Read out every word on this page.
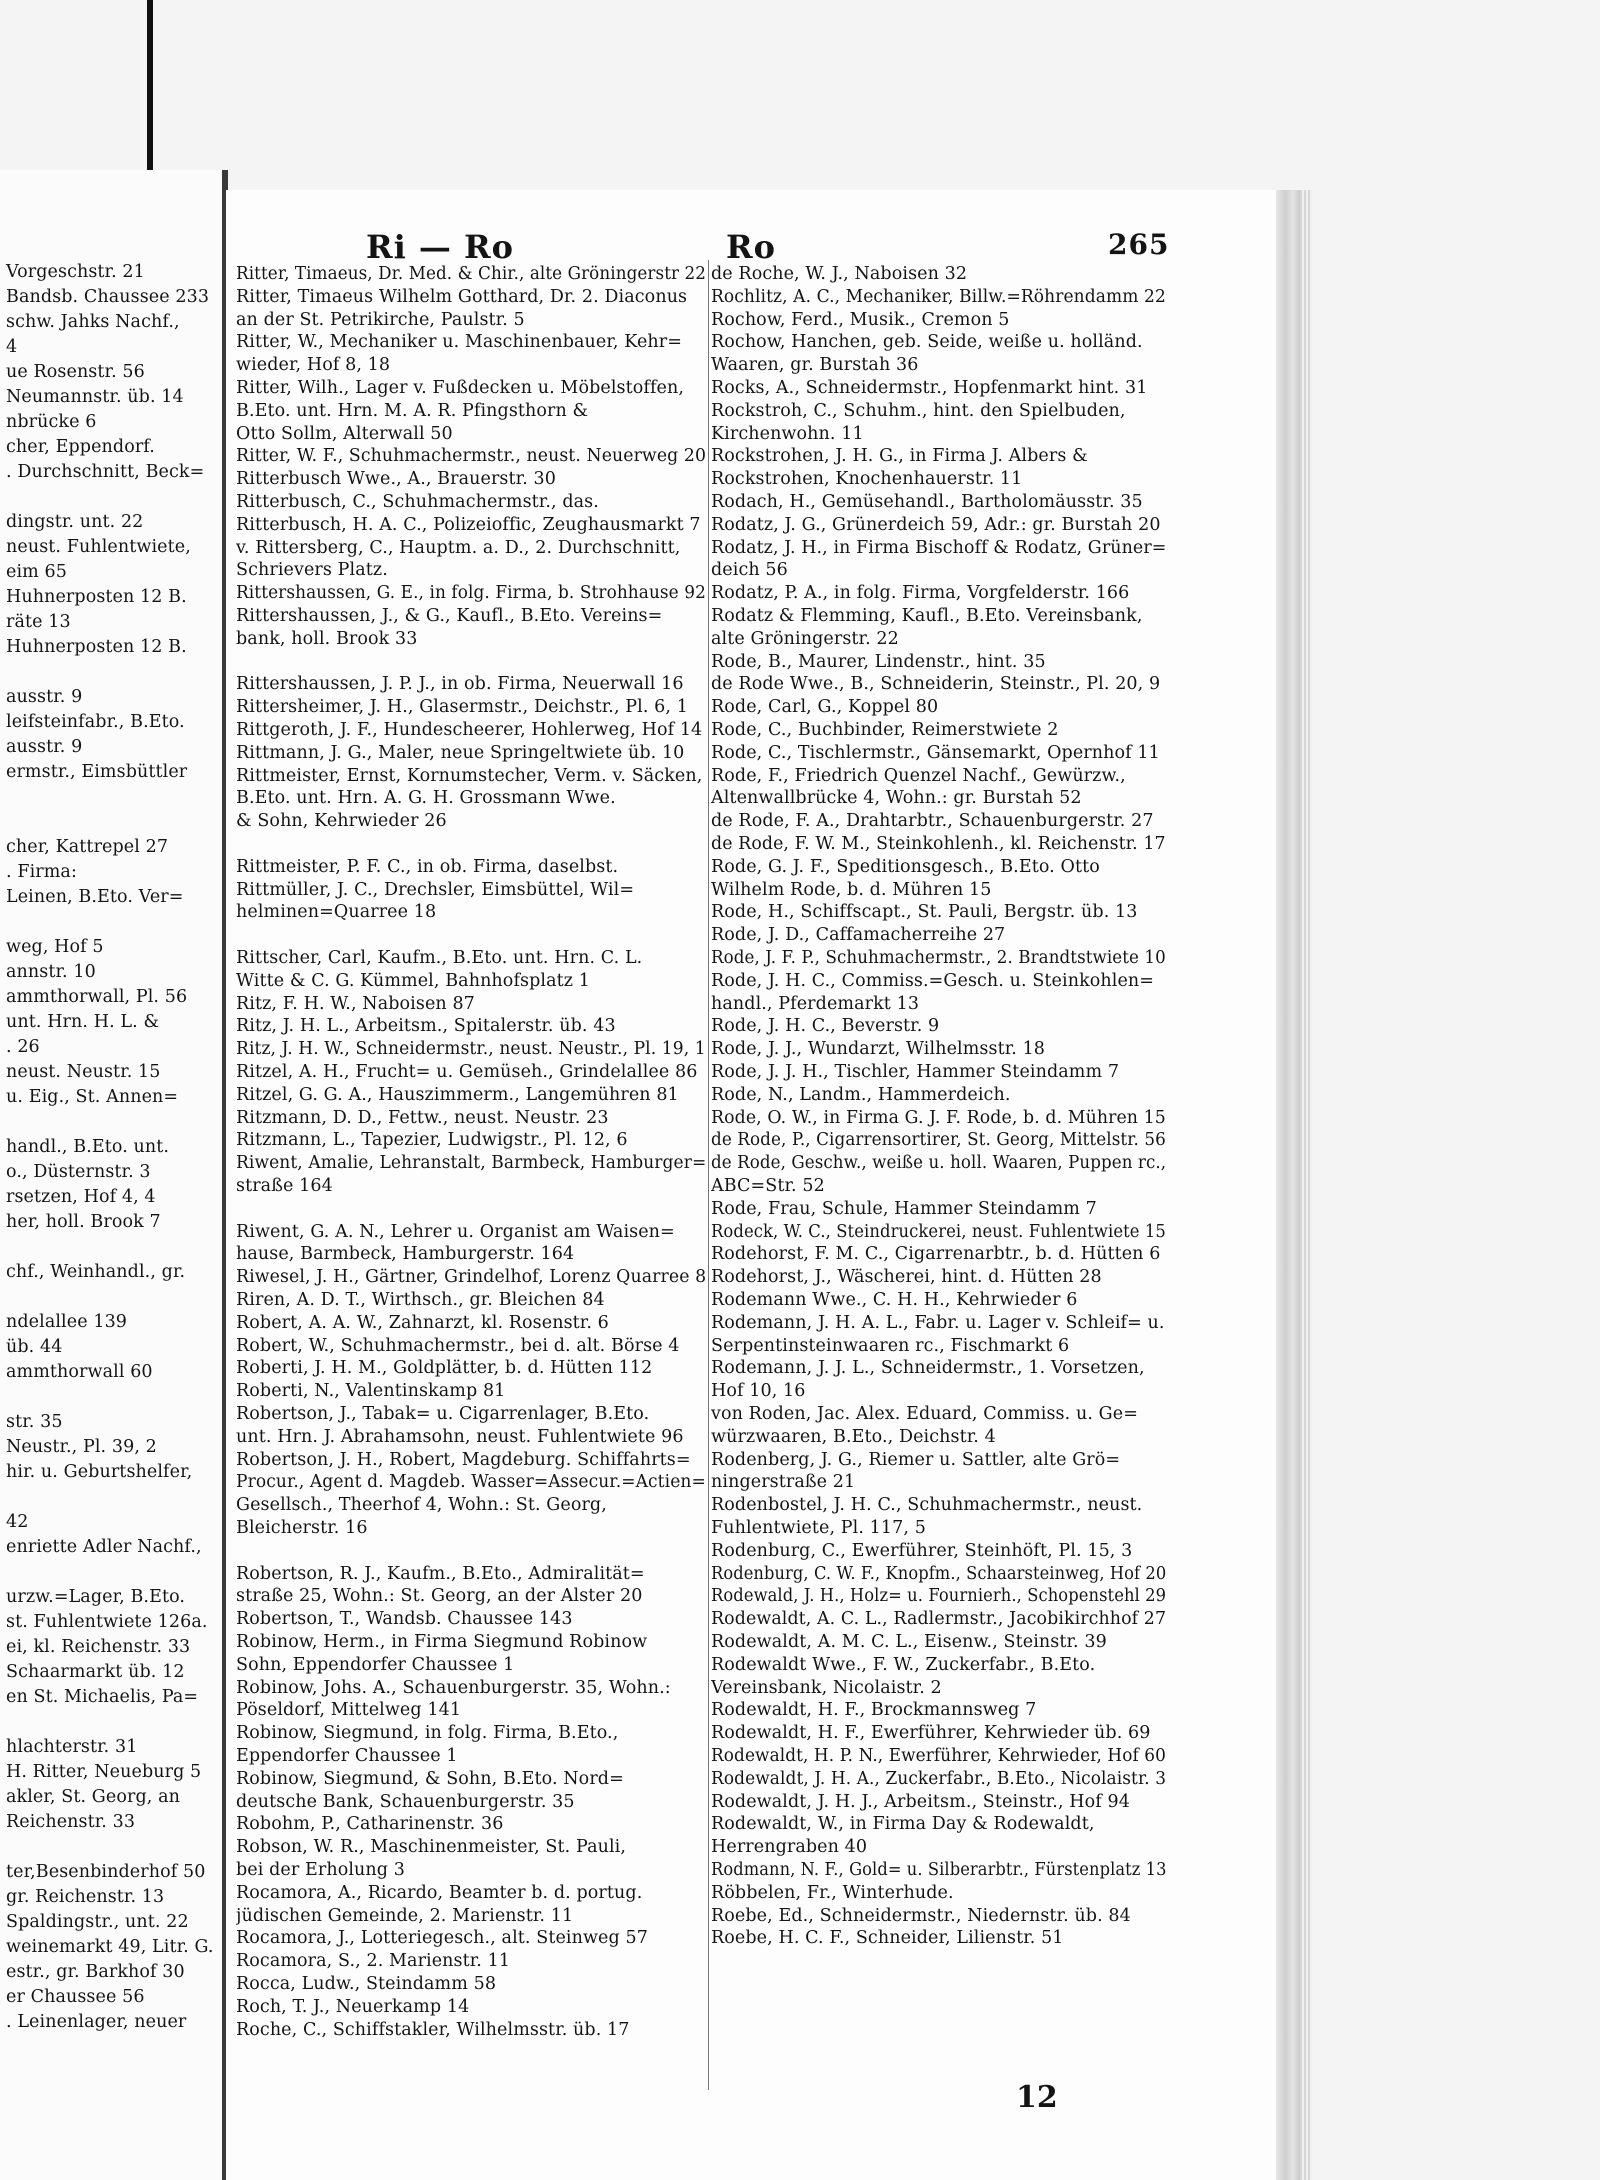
Vorgeschstr. 21
Bandsb. Chaussee 233
schw. Jahks Nachf.,
4
ue Rosenstr. 56
Neumannstr. üb. 14
nbrücke 6
cher, Eppendorf.
. Durchschnitt, Beck=
dingstr. unt. 22
neust. Fuhlentwiete,
eim 65
Huhnerposten 12 B.
räte 13
Huhnerposten 12 B.
ausstr. 9
leifsteinfabr., B.Eto.
ausstr. 9
ermstr., Eimsbüttler
cher, Kattrepel 27
. Firma:
Leinen, B.Eto. Ver=
weg, Hof 5
annstr. 10
ammthorwall, Pl. 56
unt. Hrn. H. L. &
. 26
neust. Neustr. 15
u. Eig., St. Annen=
handl., B.Eto. unt.
o., Düsternstr. 3
rsetzen, Hof 4, 4
her, holl. Brook 7
chf., Weinhandl., gr.
ndelallee 139
üb. 44
ammthorwall 60
str. 35
Neustr., Pl. 39, 2
hir. u. Geburtshelfer,
42
enriette Adler Nachf.,
urzw.=Lager, B.Eto.
st. Fuhlentwiete 126a.
ei, kl. Reichenstr. 33
Schaarmarkt üb. 12
en St. Michaelis, Pa=
hlachterstr. 31
H. Ritter, Neueburg 5
akler, St. Georg, an
Reichenstr. 33
ter,Besenbinderhof 50
gr. Reichenstr. 13
Spaldingstr., unt. 22
weinemarkt 49, Litr. G.
estr., gr. Barkhof 30
er Chaussee 56
. Leinenlager, neuer
Ri — Ro	Ro	265
Ritter, Timaeus, Dr. Med. & Chir., alte Gröningerstr 22
Ritter, Timaeus Wilhelm Gotthard, Dr. 2. Diaconus
an der St. Petrikirche, Paulstr. 5
Ritter, W., Mechaniker u. Maschinenbauer, Kehr=
wieder, Hof 8, 18
Ritter, Wilh., Lager v. Fußdecken u. Möbelstoffen,
B.Eto. unt. Hrn. M. A. R. Pfingsthorn &
Otto Sollm, Alterwall 50
Ritter, W. F., Schuhmachermstr., neust. Neuerweg 20
Ritterbusch Wwe., A., Brauerstr. 30
Ritterbusch, C., Schuhmachermstr., das.
Ritterbusch, H. A. C., Polizeioffic, Zeughausmarkt 7
v. Rittersberg, C., Hauptm. a. D., 2. Durchschnitt,
Schrievers Platz.
Rittershaussen, G. E., in folg. Firma, b. Strohhause 92
Rittershaussen, J., & G., Kaufl., B.Eto. Vereins=
bank, holl. Brook 33
Rittershaussen, J. P. J., in ob. Firma, Neuerwall 16
Rittersheimer, J. H., Glasermstr., Deichstr., Pl. 6, 1
Rittgeroth, J. F., Hundescheerer, Hohlerweg, Hof 14
Rittmann, J. G., Maler, neue Springeltwiete üb. 10
Rittmeister, Ernst, Kornumstecher, Verm. v. Säcken,
B.Eto. unt. Hrn. A. G. H. Grossmann Wwe.
& Sohn, Kehrwieder 26
Rittmeister, P. F. C., in ob. Firma, daselbst.
Rittmüller, J. C., Drechsler, Eimsbüttel, Wil=
helminen=Quarree 18
Rittscher, Carl, Kaufm., B.Eto. unt. Hrn. C. L.
Witte & C. G. Kümmel, Bahnhofsplatz 1
Ritz, F. H. W., Naboisen 87
Ritz, J. H. L., Arbeitsm., Spitalerstr. üb. 43
Ritz, J. H. W., Schneidermstr., neust. Neustr., Pl. 19, 1
Ritzel, A. H., Frucht= u. Gemüseh., Grindelallee 86
Ritzel, G. G. A., Hauszimmerm., Langemühren 81
Ritzmann, D. D., Fettw., neust. Neustr. 23
Ritzmann, L., Tapezier, Ludwigstr., Pl. 12, 6
Riwent, Amalie, Lehranstalt, Barmbeck, Hamburger=
straße 164
Riwent, G. A. N., Lehrer u. Organist am Waisen=
hause, Barmbeck, Hamburgerstr. 164
Riwesel, J. H., Gärtner, Grindelhof, Lorenz Quarree 8
Riren, A. D. T., Wirthsch., gr. Bleichen 84
Robert, A. A. W., Zahnarzt, kl. Rosenstr. 6
Robert, W., Schuhmachermstr., bei d. alt. Börse 4
Roberti, J. H. M., Goldplätter, b. d. Hütten 112
Roberti, N., Valentinskamp 81
Robertson, J., Tabak= u. Cigarrenlager, B.Eto.
unt. Hrn. J. Abrahamsohn, neust. Fuhlentwiete 96
Robertson, J. H., Robert, Magdeburg. Schiffahrts=
Procur., Agent d. Magdeb. Wasser=Assecur.=Actien=
Gesellsch., Theerhof 4, Wohn.: St. Georg,
Bleicherstr. 16
Robertson, R. J., Kaufm., B.Eto., Admiralität=
straße 25, Wohn.: St. Georg, an der Alster 20
Robertson, T., Wandsb. Chaussee 143
Robinow, Herm., in Firma Siegmund Robinow
Sohn, Eppendorfer Chaussee 1
Robinow, Johs. A., Schauenburgerstr. 35, Wohn.:
Pöseldorf, Mittelweg 141
Robinow, Siegmund, in folg. Firma, B.Eto.,
Eppendorfer Chaussee 1
Robinow, Siegmund, & Sohn, B.Eto. Nord=
deutsche Bank, Schauenburgerstr. 35
Robohm, P., Catharinenstr. 36
Robson, W. R., Maschinenmeister, St. Pauli,
bei der Erholung 3
Rocamora, A., Ricardo, Beamter b. d. portug.
jüdischen Gemeinde, 2. Marienstr. 11
Rocamora, J., Lotteriegesch., alt. Steinweg 57
Rocamora, S., 2. Marienstr. 11
Rocca, Ludw., Steindamm 58
Roch, T. J., Neuerkamp 14
Roche, C., Schiffstakler, Wilhelmsstr. üb. 17
de Roche, W. J., Naboisen 32
Rochlitz, A. C., Mechaniker, Billw.=Röhrendamm 22
Rochow, Ferd., Musik., Cremon 5
Rochow, Hanchen, geb. Seide, weiße u. holländ.
Waaren, gr. Burstah 36
Rocks, A., Schneidermstr., Hopfenmarkt hint. 31
Rockstroh, C., Schuhm., hint. den Spielbuden,
Kirchenwohn. 11
Rockstrohen, J. H. G., in Firma J. Albers &
Rockstrohen, Knochenhauerstr. 11
Rodach, H., Gemüsehandl., Bartholomäusstr. 35
Rodatz, J. G., Grünerdeich 59, Adr.: gr. Burstah 20
Rodatz, J. H., in Firma Bischoff & Rodatz, Grüner=
deich 56
Rodatz, P. A., in folg. Firma, Vorgfelderstr. 166
Rodatz & Flemming, Kaufl., B.Eto. Vereinsbank,
alte Gröningerstr. 22
Rode, B., Maurer, Lindenstr., hint. 35
de Rode Wwe., B., Schneiderin, Steinstr., Pl. 20, 9
Rode, Carl, G., Koppel 80
Rode, C., Buchbinder, Reimerstwiete 2
Rode, C., Tischlermstr., Gänsemarkt, Opernhof 11
Rode, F., Friedrich Quenzel Nachf., Gewürzw.,
Altenwallbrücke 4, Wohn.: gr. Burstah 52
de Rode, F. A., Drahtarbtr., Schauenburgerstr. 27
de Rode, F. W. M., Steinkohlenh., kl. Reichenstr. 17
Rode, G. J. F., Speditionsgesch., B.Eto. Otto
Wilhelm Rode, b. d. Mühren 15
Rode, H., Schiffscapt., St. Pauli, Bergstr. üb. 13
Rode, J. D., Caffamacherreihe 27
Rode, J. F. P., Schuhmachermstr., 2. Brandtstwiete 10
Rode, J. H. C., Commiss.=Gesch. u. Steinkohlen=
handl., Pferdemarkt 13
Rode, J. H. C., Beverstr. 9
Rode, J. J., Wundarzt, Wilhelmsstr. 18
Rode, J. J. H., Tischler, Hammer Steindamm 7
Rode, N., Landm., Hammerdeich.
Rode, O. W., in Firma G. J. F. Rode, b. d. Mühren 15
de Rode, P., Cigarrensortirer, St. Georg, Mittelstr. 56
de Rode, Geschw., weiße u. holl. Waaren, Puppen rc.,
ABC=Str. 52
Rode, Frau, Schule, Hammer Steindamm 7
Rodeck, W. C., Steindruckerei, neust. Fuhlentwiete 15
Rodehorst, F. M. C., Cigarrenarbtr., b. d. Hütten 6
Rodehorst, J., Wäscherei, hint. d. Hütten 28
Rodemann Wwe., C. H. H., Kehrwieder 6
Rodemann, J. H. A. L., Fabr. u. Lager v. Schleif= u.
Serpentinsteinwaaren rc., Fischmarkt 6
Rodemann, J. J. L., Schneidermstr., 1. Vorsetzen,
Hof 10, 16
von Roden, Jac. Alex. Eduard, Commiss. u. Ge=
würzwaaren, B.Eto., Deichstr. 4
Rodenberg, J. G., Riemer u. Sattler, alte Grö=
ningerstraße 21
Rodenbostel, J. H. C., Schuhmachermstr., neust.
Fuhlentwiete, Pl. 117, 5
Rodenburg, C., Ewerführer, Steinhöft, Pl. 15, 3
Rodenburg, C. W. F., Knopfm., Schaarsteinweg, Hof 20
Rodewald, J. H., Holz= u. Fournierh., Schopenstehl 29
Rodewaldt, A. C. L., Radlermstr., Jacobikirchhof 27
Rodewaldt, A. M. C. L., Eisenw., Steinstr. 39
Rodewaldt Wwe., F. W., Zuckerfabr., B.Eto.
Vereinsbank, Nicolaistr. 2
Rodewaldt, H. F., Brockmannsweg 7
Rodewaldt, H. F., Ewerführer, Kehrwieder üb. 69
Rodewaldt, H. P. N., Ewerführer, Kehrwieder, Hof 60
Rodewaldt, J. H. A., Zuckerfabr., B.Eto., Nicolaistr. 3
Rodewaldt, J. H. J., Arbeitsm., Steinstr., Hof 94
Rodewaldt, W., in Firma Day & Rodewaldt,
Herrengraben 40
Rodmann, N. F., Gold= u. Silberarbtr., Fürstenplatz 13
Röbbelen, Fr., Winterhude.
Roebe, Ed., Schneidermstr., Niedernstr. üb. 84
Roebe, H. C. F., Schneider, Lilienstr. 51
12
